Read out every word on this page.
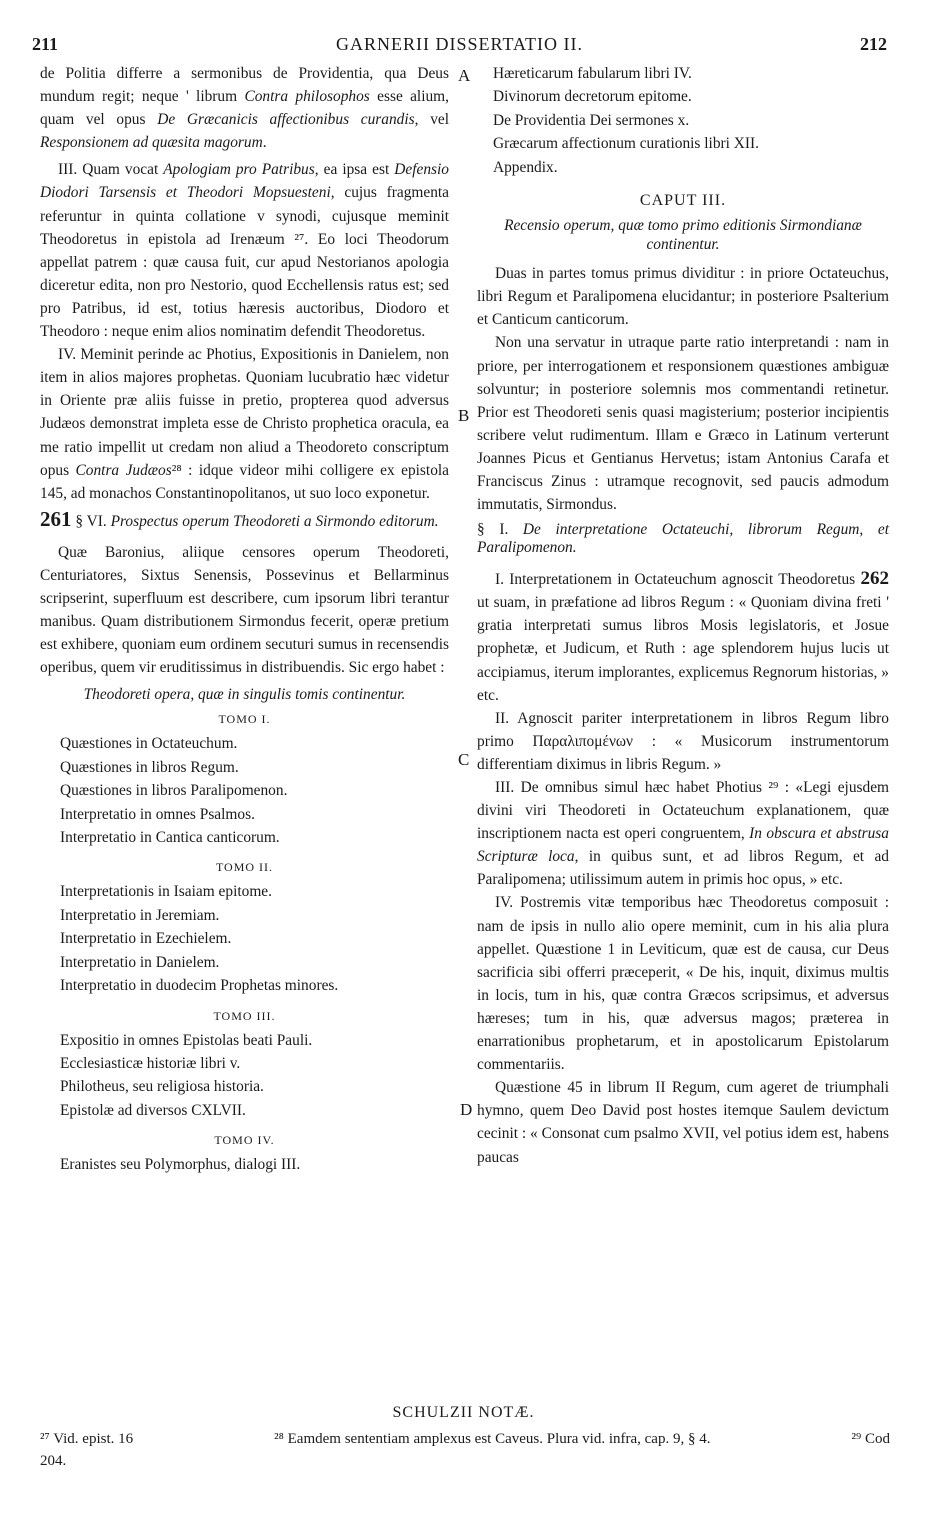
211	GARNERII DISSERTATIO II.	212
A
B
C
D

de Politia differre a sermonibus de Providentia, qua Deus mundum regit; neque ' librum Contra philosophos esse alium, quam vel opus De Græcanicis affectionibus curandis, vel Responsionem ad quæsita magorum.

III. Quam vocat Apologiam pro Patribus, ea ipsa est Defensio Diodori Tarsensis et Theodori Mopsuesteni, cujus fragmenta referuntur in quinta collatione v synodi, cujusque meminit Theodoretus in epistola ad Irenæum ²⁷. Eo loci Theodorum appellat patrem : quæ causa fuit, cur apud Nestorianos apologia diceretur edita, non pro Nestorio, quod Ecchellensis ratus est; sed pro Patribus, id est, totius hæresis auctoribus, Diodoro et Theodoro : neque enim alios nominatim defendit Theodoretus.

IV. Meminit perinde ac Photius, Expositionis in Danielem, non item in alios majores prophetas. Quoniam lucubratio hæc videtur in Oriente præ aliis fuisse in pretio, propterea quod adversus Judæos demonstrat impleta esse de Christo prophetica oracula, ea me ratio impellit ut credam non aliud a Theodoreto conscriptum opus Contra Judæos²⁸ : idque videor mihi colligere ex epistola 145, ad monachos Constantinopolitanos, ut suo loco exponetur.

261 § VI. Prospectus operum Theodoreti a Sirmondo editorum.

Quæ Baronius, aliique censores operum Theodoreti, Centuriatores, Sixtus Senensis, Possevinus et Bellarminus scripserint, superfluum est describere, cum ipsorum libri terantur manibus. Quam distributionem Sirmondus fecerit, operæ pretium est exhibere, quoniam eum ordinem secuturi sumus in recensendis operibus, quem vir eruditissimus in distribuendis. Sic ergo habet :

Theodoreti opera, quæ in singulis tomis continentur.

TOMO I.

Quæstiones in Octateuchum.
Quæstiones in libros Regum.
Quæstiones in libros Paralipomenon.
Interpretatio in omnes Psalmos.
Interpretatio in Cantica canticorum.

TOMO II.

Interpretationis in Isaiam epitome.
Interpretatio in Jeremiam.
Interpretatio in Ezechielem.
Interpretatio in Danielem.
Interpretatio in duodecim Prophetas minores.

TOMO III.

Expositio in omnes Epistolas beati Pauli.
Ecclesiasticæ historiæ libri v.
Philotheus, seu religiosa historia.
Epistolæ ad diversos CXLVII.

TOMO IV.

Eranistes seu Polymorphus, dialogi III.
Hæreticarum fabularum libri IV.
Divinorum decretorum epitome.
De Providentia Dei sermones x.
Græcarum affectionum curationis libri XII.
Appendix.

CAPUT III.

Recensio operum, quæ tomo primo editionis Sirmondianæ continentur.

Duas in partes tomus primus dividitur : in priore Octateuchus, libri Regum et Paralipomena elucidantur; in posteriore Psalterium et Canticum canticorum.

Non una servatur in utraque parte ratio interpretandi : nam in priore, per interrogationem et responsionem quæstiones ambiguæ solvuntur; in posteriore solemnis mos commentandi retinetur. Prior est Theodoreti senis quasi magisterium; posterior incipientis scribere velut rudimentum. Illam e Græco in Latinum verterunt Joannes Picus et Gentianus Hervetus; istam Antonius Carafa et Franciscus Zinus : utramque recognovit, sed paucis admodum immutatis, Sirmondus.

§ I. De interpretatione Octateuchi, librorum Regum, et Paralipomenon.

I. Interpretationem in Octateuchum agnoscit Theodoretus 262 ut suam, in præfatione ad libros Regum : « Quoniam divina freti ' gratia interpretati sumus libros Mosis legislatoris, et Josue prophetæ, et Judicum, et Ruth : age splendorem hujus lucis ut accipiamus, iterum implorantes, explicemus Regnorum historias, » etc.

II. Agnoscit pariter interpretationem in libros Regum libro primo Παραλιπομένων : « Musicorum instrumentorum differentiam diximus in libris Regum. »

III. De omnibus simul hæc habet Photius ²⁹ : «Legi ejusdem divini viri Theodoreti in Octateuchum explanationem, quæ inscriptionem nacta est operi congruentem, In obscura et abstrusa Scripturæ loca, in quibus sunt, et ad libros Regum, et ad Paralipomena; utilissimum autem in primis hoc opus, » etc.

IV. Postremis vitæ temporibus hæc Theodoretus composuit : nam de ipsis in nullo alio opere meminit, cum in his alia plura appellet. Quæstione 1 in Leviticum, quæ est de causa, cur Deus sacrificia sibi offerri præceperit, « De his, inquit, diximus multis in locis, tum in his, quæ contra Græcos scripsimus, et adversus hæreses; tum in his, quæ adversus magos; præterea in enarrationibus prophetarum, et in apostolicarum Epistolarum commentariis.

Quæstione 45 in librum II Regum, cum ageret de triumphali hymno, quem Deo David post hostes itemque Saulem devictum cecinit : « Consonat cum psalmo XVII, vel potius idem est, habens paucas

SCHULZII NOTÆ.
²⁷ Vid. epist. 16	²⁸ Eamdem sententiam amplexus est Caveus. Plura vid. infra, cap. 9, § 4.	²⁹ Cod
204.
